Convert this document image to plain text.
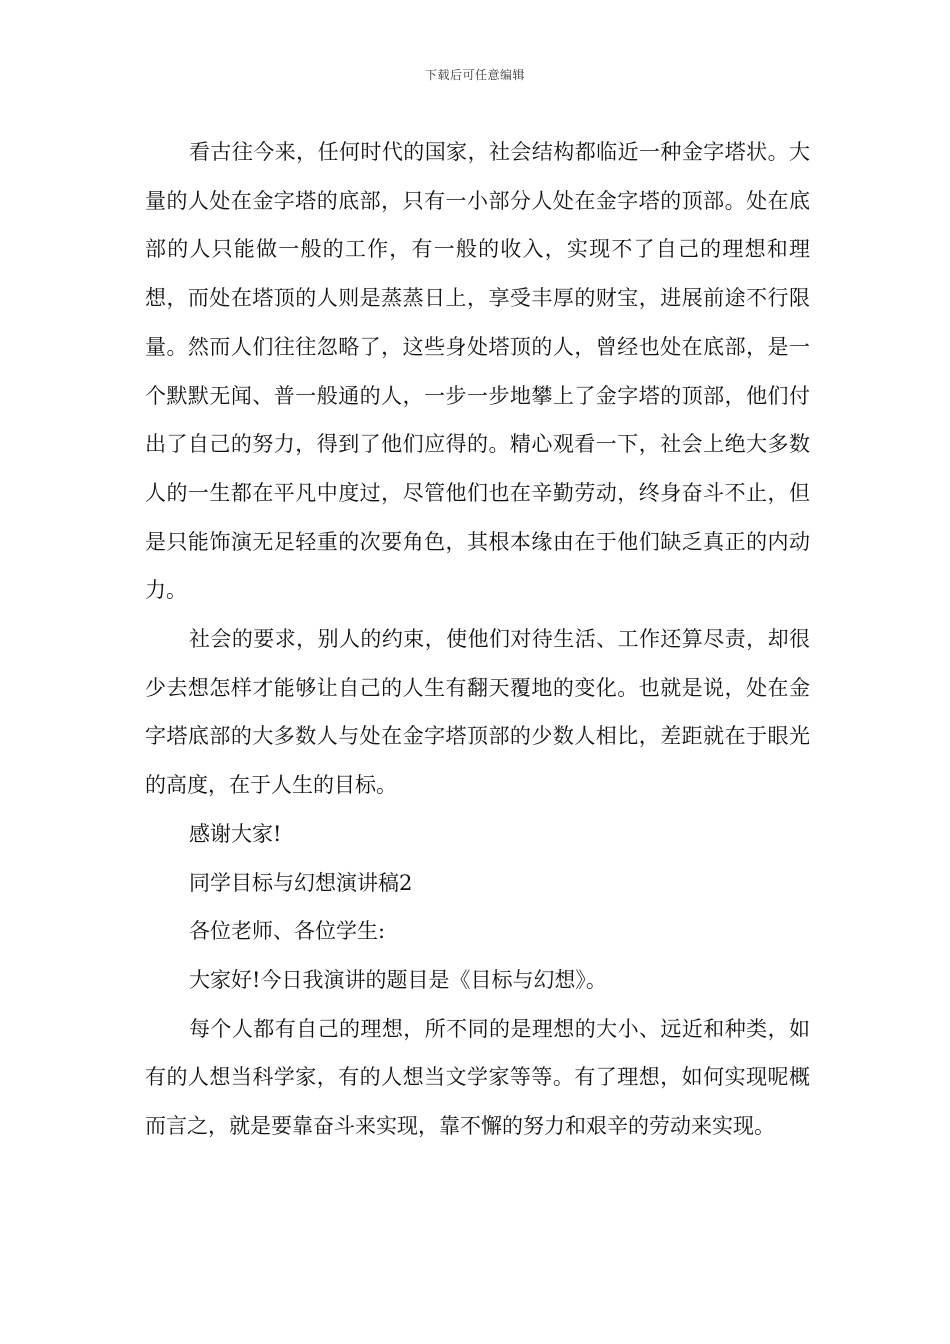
下载后可任意编辑

看古往今来，任何时代的国家，社会结构都临近一种金字塔状。大量的人处在金字塔的底部，只有一小部分人处在金字塔的顶部。处在底部的人只能做一般的工作，有一般的收入，实现不了自己的理想和理想，而处在塔顶的人则是蒸蒸日上，享受丰厚的财宝，进展前途不行限量。然而人们往往忽略了，这些身处塔顶的人，曾经也处在底部，是一个默默无闻、普一般通的人，一步一步地攀上了金字塔的顶部，他们付出了自己的努力，得到了他们应得的。精心观看一下，社会上绝大多数人的一生都在平凡中度过，尽管他们也在辛勤劳动，终身奋斗不止，但是只能饰演无足轻重的次要角色，其根本缘由在于他们缺乏真正的内动力。

社会的要求，别人的约束，使他们对待生活、工作还算尽责，却很少去想怎样才能够让自己的人生有翻天覆地的变化。也就是说，处在金字塔底部的大多数人与处在金字塔顶部的少数人相比，差距就在于眼光的高度，在于人生的目标。

感谢大家!

同学目标与幻想演讲稿2

各位老师、各位学生:

大家好!今日我演讲的题目是《目标与幻想》。

每个人都有自己的理想，所不同的是理想的大小、远近和种类，如有的人想当科学家，有的人想当文学家等等。有了理想，如何实现呢概而言之，就是要靠奋斗来实现，靠不懈的努力和艰辛的劳动来实现。
